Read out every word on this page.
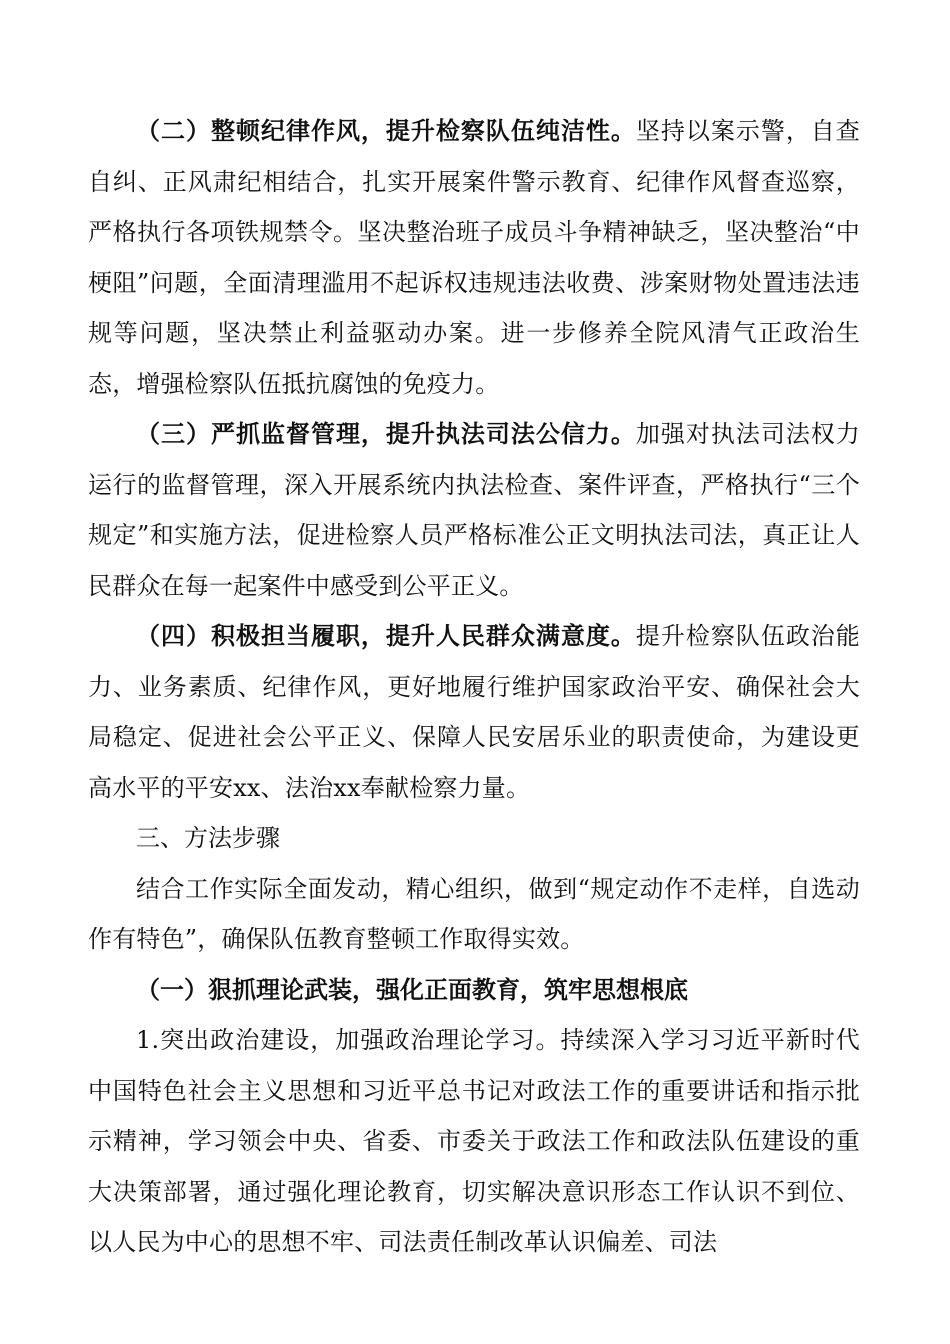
（二）整顿纪律作风，提升检察队伍纯洁性。坚持以案示警，自查自纠、正风肃纪相结合，扎实开展案件警示教育、纪律作风督查巡察，严格执行各项铁规禁令。坚决整治班子成员斗争精神缺乏，坚决整治“中梗阻”问题，全面清理滥用不起诉权违规违法收费、涉案财物处置违法违规等问题，坚决禁止利益驱动办案。进一步修养全院风清气正政治生态，增强检察队伍抵抗腐蚀的免疫力。

（三）严抓监督管理，提升执法司法公信力。加强对执法司法权力运行的监督管理，深入开展系统内执法检查、案件评查，严格执行“三个规定”和实施方法，促进检察人员严格标准公正文明执法司法，真正让人民群众在每一起案件中感受到公平正义。

（四）积极担当履职，提升人民群众满意度。提升检察队伍政治能力、业务素质、纪律作风，更好地履行维护国家政治平安、确保社会大局稳定、促进社会公平正义、保障人民安居乐业的职责使命，为建设更高水平的平安xx、法治xx奉献检察力量。

三、方法步骤

结合工作实际全面发动，精心组织，做到“规定动作不走样，自选动作有特色”，确保队伍教育整顿工作取得实效。

（一）狠抓理论武装，强化正面教育，筑牢思想根底

1.突出政治建设，加强政治理论学习。持续深入学习习近平新时代中国特色社会主义思想和习近平总书记对政法工作的重要讲话和指示批示精神，学习领会中央、省委、市委关于政法工作和政法队伍建设的重大决策部署，通过强化理论教育，切实解决意识形态工作认识不到位、以人民为中心的思想不牢、司法责任制改革认识偏差、司法
